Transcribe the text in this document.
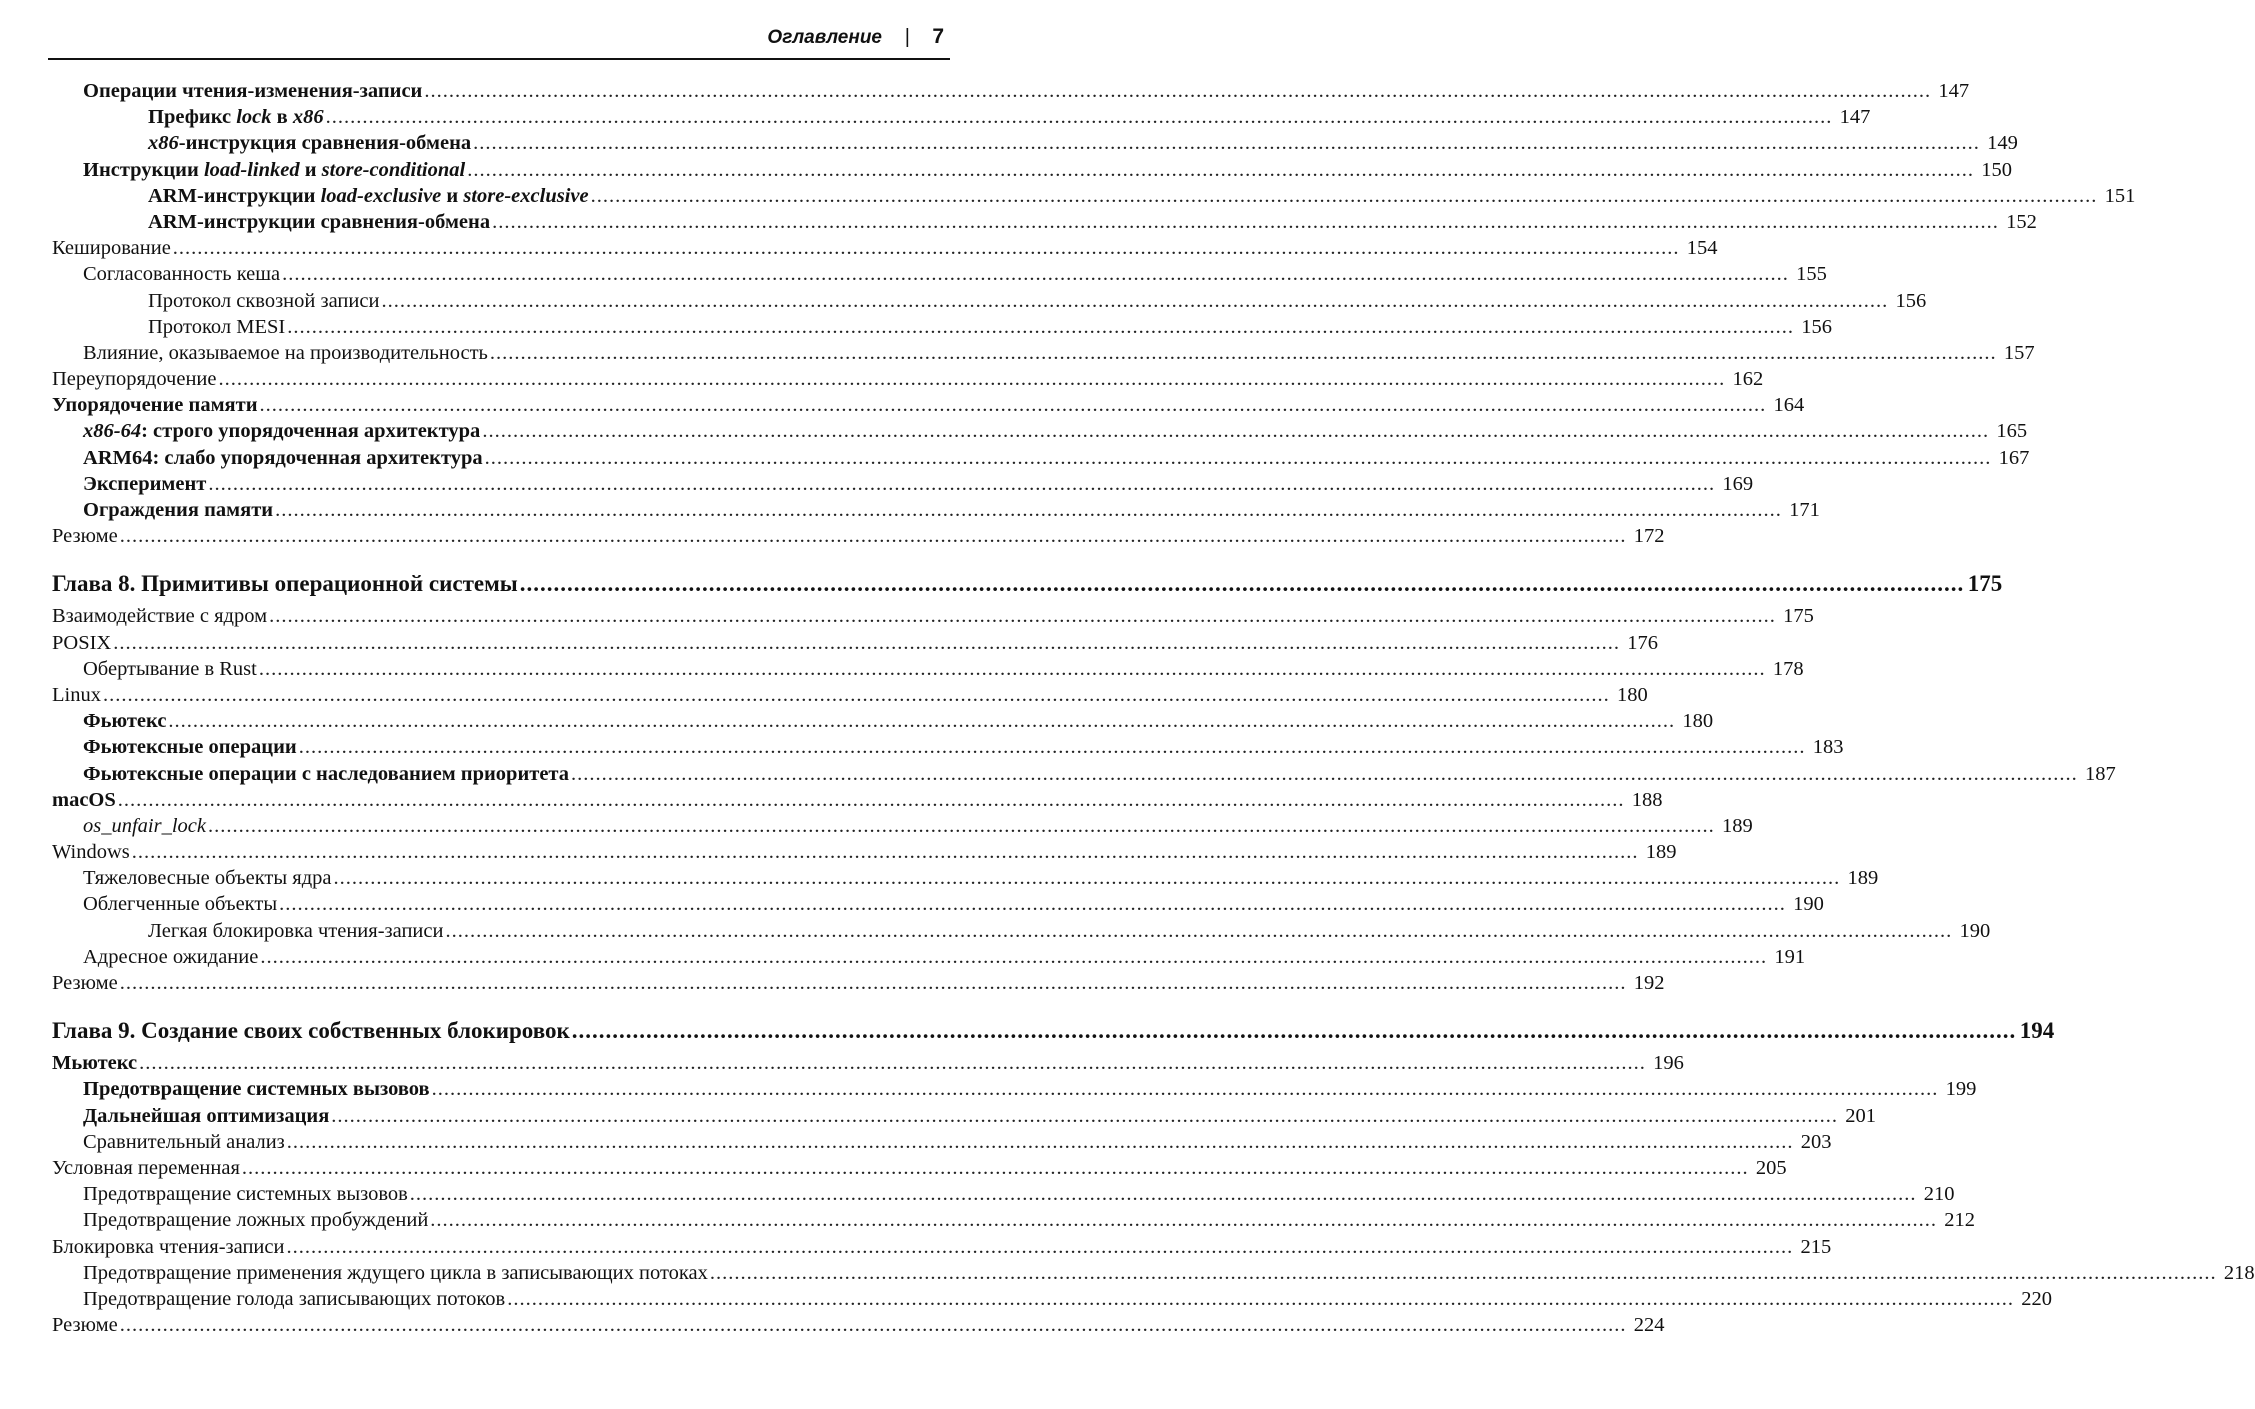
Оглавление | 7
Операции чтения-изменения-записи .....	147
Префикс lock в x86 .....	147
x86-инструкция сравнения-обмена .....	149
Инструкции load-linked и store-conditional .....	150
ARM-инструкции load-exclusive и store-exclusive .....	151
ARM-инструкции сравнения-обмена .....	152
Кеширование .....	154
Согласованность кеша .....	155
Протокол сквозной записи .....	156
Протокол MESI .....	156
Влияние, оказываемое на производительность .....	157
Переупорядочение .....	162
Упорядочение памяти .....	164
x86-64: строго упорядоченная архитектура .....	165
ARM64: слабо упорядоченная архитектура .....	167
Эксперимент .....	169
Ограждения памяти .....	171
Резюме .....	172
Глава 8. Примитивы операционной системы .....	175
Взаимодействие с ядром .....	175
POSIX .....	176
Обертывание в Rust .....	178
Linux .....	180
Фьютекс .....	180
Фьютексные операции .....	183
Фьютексные операции с наследованием приоритета .....	187
macOS .....	188
os_unfair_lock .....	189
Windows .....	189
Тяжеловесные объекты ядра .....	189
Облегченные объекты .....	190
Легкая блокировка чтения-записи .....	190
Адресное ожидание .....	191
Резюме .....	192
Глава 9. Создание своих собственных блокировок .....	194
Мьютекс .....	196
Предотвращение системных вызовов .....	199
Дальнейшая оптимизация .....	201
Сравнительный анализ .....	203
Условная переменная .....	205
Предотвращение системных вызовов .....	210
Предотвращение ложных пробуждений .....	212
Блокировка чтения-записи .....	215
Предотвращение применения ждущего цикла в записывающих потоках .....	218
Предотвращение голода записывающих потоков .....	220
Резюме .....	224
